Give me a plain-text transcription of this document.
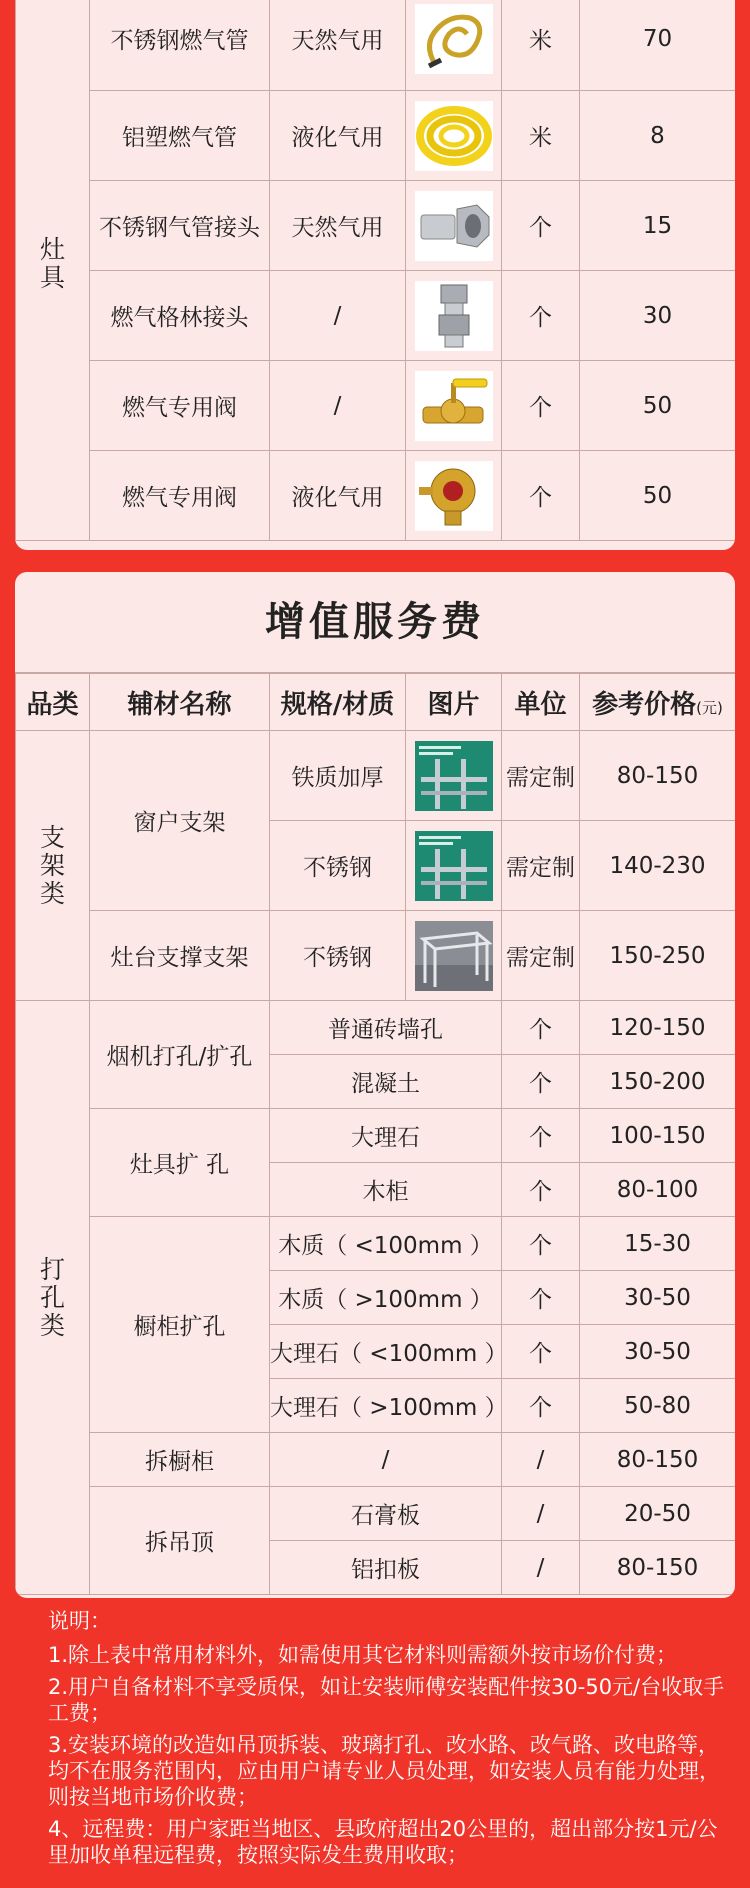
灶具	不锈钢燃气管	天然气用		米	70
	铝塑燃气管	液化气用		米	8
	不锈钢气管接头	天然气用		个	15
	燃气格林接头	/		个	30
	燃气专用阀	/		个	50
	燃气专用阀	液化气用		个	50
增值服务费
品类	辅材名称	规格/材质	图片	单位	参考价格(元)
支架类	窗户支架	铁质加厚		需定制	80-150
		不锈钢		需定制	140-230
	灶台支撑支架	不锈钢		需定制	150-250
打孔类	烟机打孔/扩孔	普通砖墙孔		个	120-150
		混凝土		个	150-200
	灶具扩 孔	大理石		个	100-150
		木柜		个	80-100
	橱柜扩孔	木质（ <100mm ）		个	15-30
		木质（ >100mm ）		个	30-50
		大理石（ <100mm ）		个	30-50
		大理石（ >100mm ）		个	50-80
	拆橱柜	/		/	80-150
	拆吊顶	石膏板		/	20-50
		铝扣板		/	80-150

说明：

1.除上表中常用材料外，如需使用其它材料则需额外按市场价付费；

2.用户自备材料不享受质保，如让安装师傅安装配件按30-50元/台收取手工费；

3.安装环境的改造如吊顶拆装、玻璃打孔、改水路、改气路、改电路等，均不在服务范围内，应由用户请专业人员处理，如安装人员有能力处理，则按当地市场价收费；

4、远程费：用户家距当地区、县政府超出20公里的，超出部分按1元/公里加收单程远程费，按照实际发生费用收取；
